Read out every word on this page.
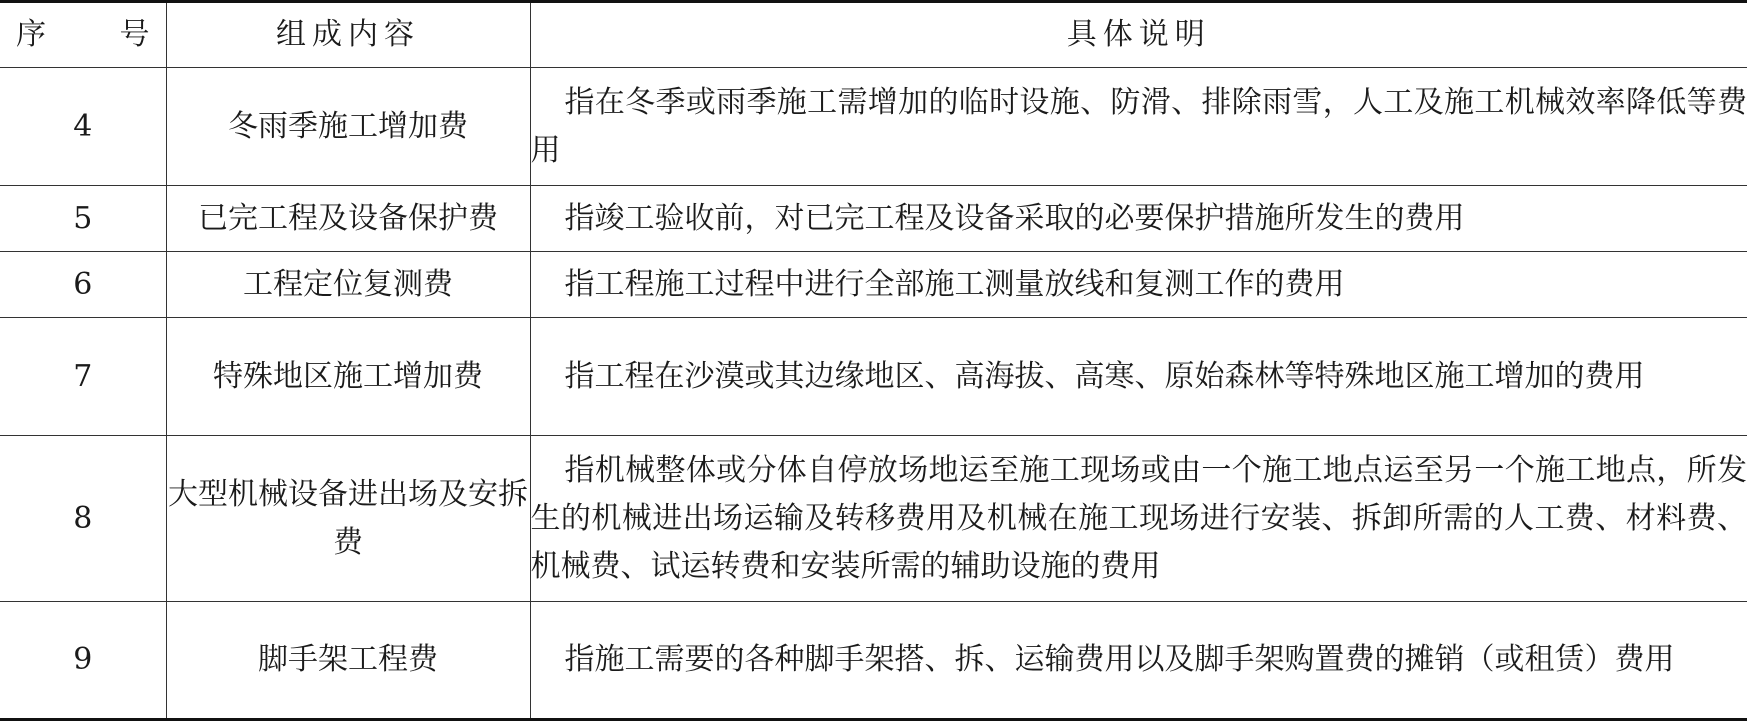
序 号	组成内容	具体说明
4	冬雨季施工增加费	指在冬季或雨季施工需增加的临时设施、防滑、排除雨雪，人工及施工机械效率降低等费用
5	已完工程及设备保护费	指竣工验收前，对已完工程及设备采取的必要保护措施所发生的费用
6	工程定位复测费	指工程施工过程中进行全部施工测量放线和复测工作的费用
7	特殊地区施工增加费	指工程在沙漠或其边缘地区、高海拔、高寒、原始森林等特殊地区施工增加的费用
8	大型机械设备进出场及安拆费	指机械整体或分体自停放场地运至施工现场或由一个施工地点运至另一个施工地点，所发生的机械进出场运输及转移费用及机械在施工现场进行安装、拆卸所需的人工费、材料费、机械费、试运转费和安装所需的辅助设施的费用
9	脚手架工程费	指施工需要的各种脚手架搭、拆、运输费用以及脚手架购置费的摊销（或租赁）费用
